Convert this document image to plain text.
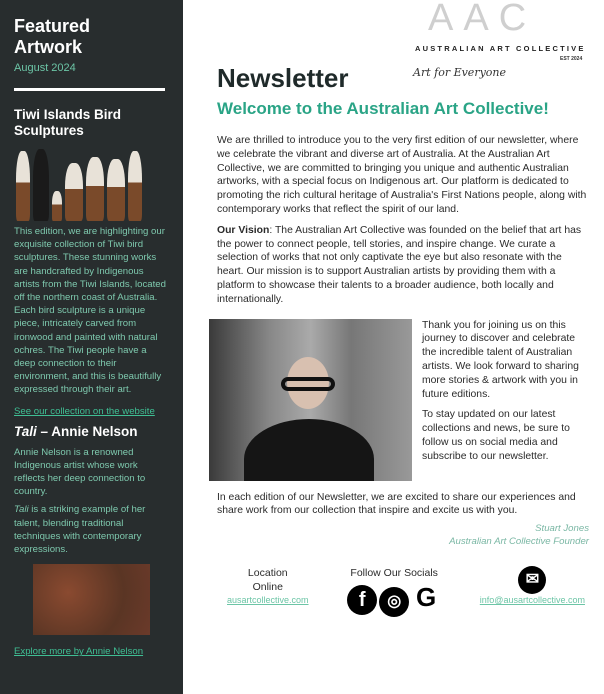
Featured
Artwork
August 2024
Tiwi Islands Bird Sculptures
This edition, we are highlighting our exquisite collection of Tiwi bird sculptures. These stunning works are handcrafted by Indigenous artists from the Tiwi Islands, located off the northern coast of Australia. Each bird sculpture is a unique piece, intricately carved from ironwood and painted with natural ochres. The Tiwi people have a deep connection to their environment, and this is beautifully expressed through their art.
See our collection on the website
Tali – Annie Nelson
Annie Nelson is a renowned Indigenous artist whose work reflects her deep connection to country.
Tali is a striking example of her talent, blending traditional techniques with contemporary expressions.
Explore more by Annie Nelson
AAC
AUSTRALIAN ART COLLECTIVE
EST 2024
Art for Everyone
Newsletter
Welcome to the Australian Art Collective!

We are thrilled to introduce you to the very first edition of our newsletter, where we celebrate the vibrant and diverse art of Australia. At the Australian Art Collective, we are committed to bringing you unique and authentic Australian artworks, with a special focus on Indigenous art. Our platform is dedicated to promoting the rich cultural heritage of Australia's First Nations people, along with contemporary works that reflect the spirit of our land.

Our Vision: The Australian Art Collective was founded on the belief that art has the power to connect people, tell stories, and inspire change. We curate a selection of works that not only captivate the eye but also resonate with the heart. Our mission is to support Australian artists by providing them with a platform to showcase their talents to a broader audience, both locally and internationally.

Thank you for joining us on this journey to discover and celebrate the incredible talent of Australian artists. We look forward to sharing more stories & artwork with you in future editions.

To stay updated on our latest collections and news, be sure to follow us on social media and subscribe to our newsletter.

In each edition of our Newsletter, we are excited to share our experiences and share work from our collection that inspire and excite us with you.

Stuart Jones
Australian Art Collective Founder
Location
Online
ausartcollective.com
Follow Our Socials
f ◎ G
✉
info@ausartcollective.com
